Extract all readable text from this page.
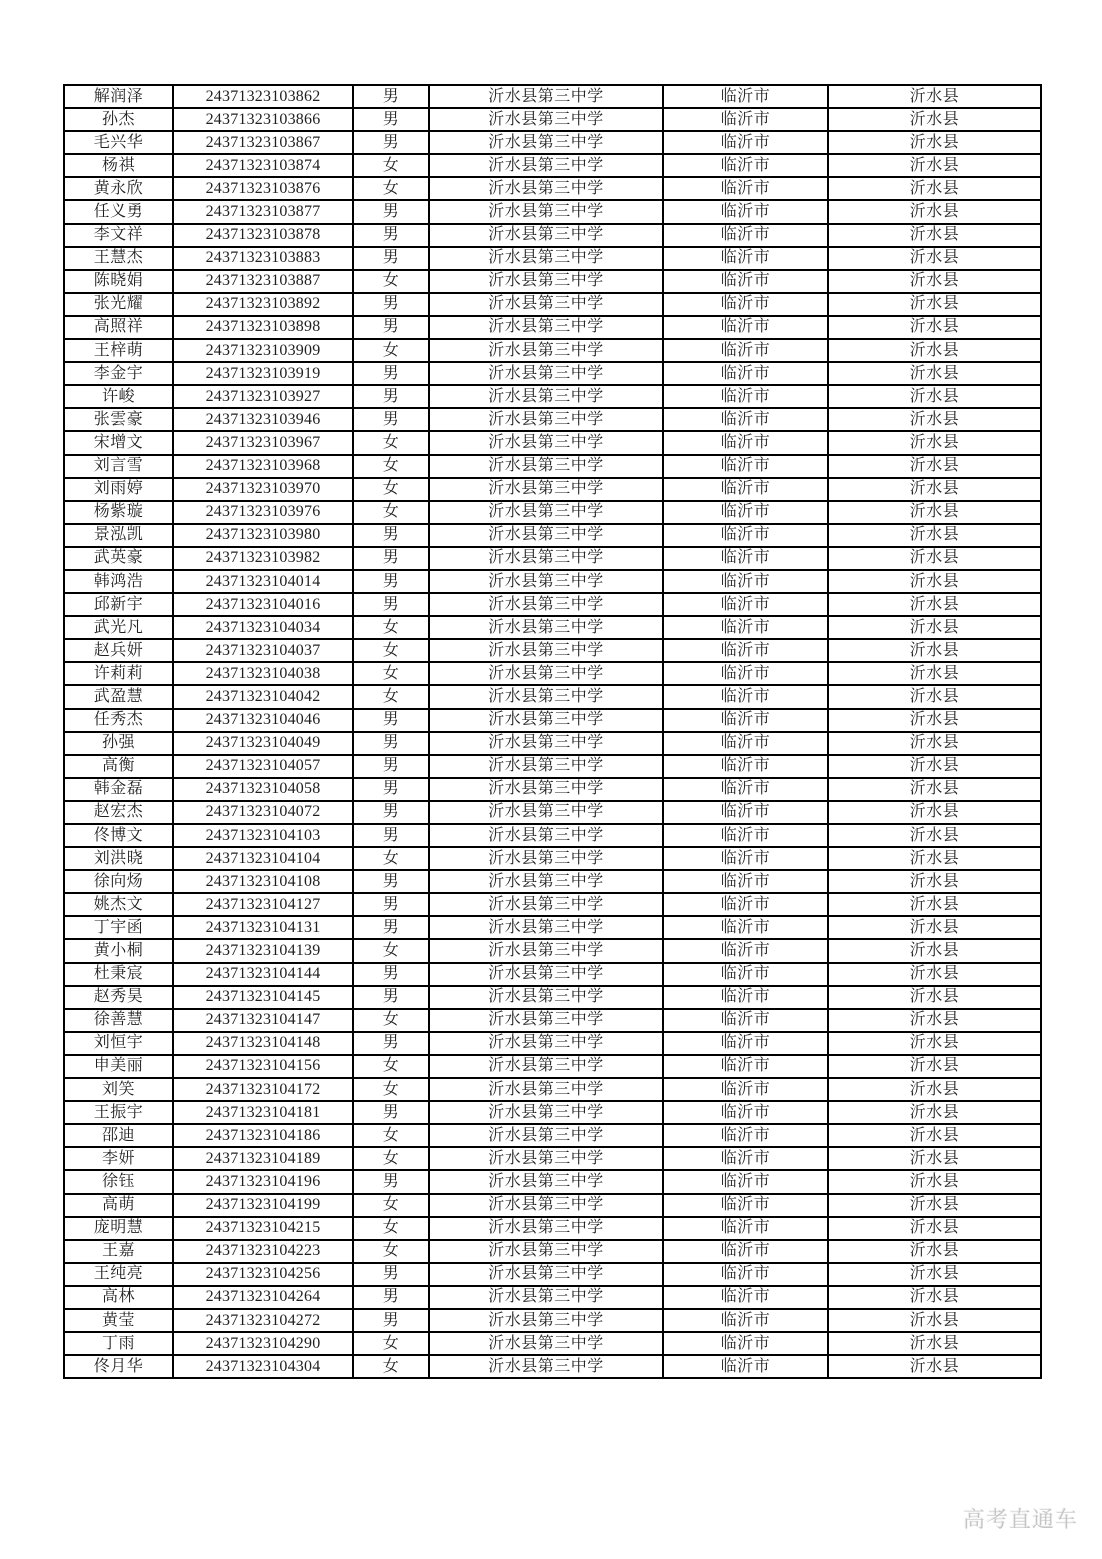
解润泽	24371323103862	男	沂水县第三中学	临沂市	沂水县
孙杰	24371323103866	男	沂水县第三中学	临沂市	沂水县
毛兴华	24371323103867	男	沂水县第三中学	临沂市	沂水县
杨祺	24371323103874	女	沂水县第三中学	临沂市	沂水县
黄永欣	24371323103876	女	沂水县第三中学	临沂市	沂水县
任义勇	24371323103877	男	沂水县第三中学	临沂市	沂水县
李文祥	24371323103878	男	沂水县第三中学	临沂市	沂水县
王慧杰	24371323103883	男	沂水县第三中学	临沂市	沂水县
陈晓娟	24371323103887	女	沂水县第三中学	临沂市	沂水县
张光耀	24371323103892	男	沂水县第三中学	临沂市	沂水县
高照祥	24371323103898	男	沂水县第三中学	临沂市	沂水县
王梓萌	24371323103909	女	沂水县第三中学	临沂市	沂水县
李金宇	24371323103919	男	沂水县第三中学	临沂市	沂水县
许峻	24371323103927	男	沂水县第三中学	临沂市	沂水县
张雲豪	24371323103946	男	沂水县第三中学	临沂市	沂水县
宋增文	24371323103967	女	沂水县第三中学	临沂市	沂水县
刘言雪	24371323103968	女	沂水县第三中学	临沂市	沂水县
刘雨婷	24371323103970	女	沂水县第三中学	临沂市	沂水县
杨紫璇	24371323103976	女	沂水县第三中学	临沂市	沂水县
景泓凯	24371323103980	男	沂水县第三中学	临沂市	沂水县
武英豪	24371323103982	男	沂水县第三中学	临沂市	沂水县
韩鸿浩	24371323104014	男	沂水县第三中学	临沂市	沂水县
邱新宇	24371323104016	男	沂水县第三中学	临沂市	沂水县
武光凡	24371323104034	女	沂水县第三中学	临沂市	沂水县
赵兵妍	24371323104037	女	沂水县第三中学	临沂市	沂水县
许莉莉	24371323104038	女	沂水县第三中学	临沂市	沂水县
武盈慧	24371323104042	女	沂水县第三中学	临沂市	沂水县
任秀杰	24371323104046	男	沂水县第三中学	临沂市	沂水县
孙强	24371323104049	男	沂水县第三中学	临沂市	沂水县
高衡	24371323104057	男	沂水县第三中学	临沂市	沂水县
韩金磊	24371323104058	男	沂水县第三中学	临沂市	沂水县
赵宏杰	24371323104072	男	沂水县第三中学	临沂市	沂水县
佟博文	24371323104103	男	沂水县第三中学	临沂市	沂水县
刘洪晓	24371323104104	女	沂水县第三中学	临沂市	沂水县
徐向炀	24371323104108	男	沂水县第三中学	临沂市	沂水县
姚杰文	24371323104127	男	沂水县第三中学	临沂市	沂水县
丁宇函	24371323104131	男	沂水县第三中学	临沂市	沂水县
黄小桐	24371323104139	女	沂水县第三中学	临沂市	沂水县
杜秉宸	24371323104144	男	沂水县第三中学	临沂市	沂水县
赵秀昊	24371323104145	男	沂水县第三中学	临沂市	沂水县
徐善慧	24371323104147	女	沂水县第三中学	临沂市	沂水县
刘恒宇	24371323104148	男	沂水县第三中学	临沂市	沂水县
申美丽	24371323104156	女	沂水县第三中学	临沂市	沂水县
刘笑	24371323104172	女	沂水县第三中学	临沂市	沂水县
王振宇	24371323104181	男	沂水县第三中学	临沂市	沂水县
邵迪	24371323104186	女	沂水县第三中学	临沂市	沂水县
李妍	24371323104189	女	沂水县第三中学	临沂市	沂水县
徐钰	24371323104196	男	沂水县第三中学	临沂市	沂水县
高萌	24371323104199	女	沂水县第三中学	临沂市	沂水县
庞明慧	24371323104215	女	沂水县第三中学	临沂市	沂水县
王嘉	24371323104223	女	沂水县第三中学	临沂市	沂水县
王纯亮	24371323104256	男	沂水县第三中学	临沂市	沂水县
高林	24371323104264	男	沂水县第三中学	临沂市	沂水县
黄莹	24371323104272	男	沂水县第三中学	临沂市	沂水县
丁雨	24371323104290	女	沂水县第三中学	临沂市	沂水县
佟月华	24371323104304	女	沂水县第三中学	临沂市	沂水县
高考直通车
